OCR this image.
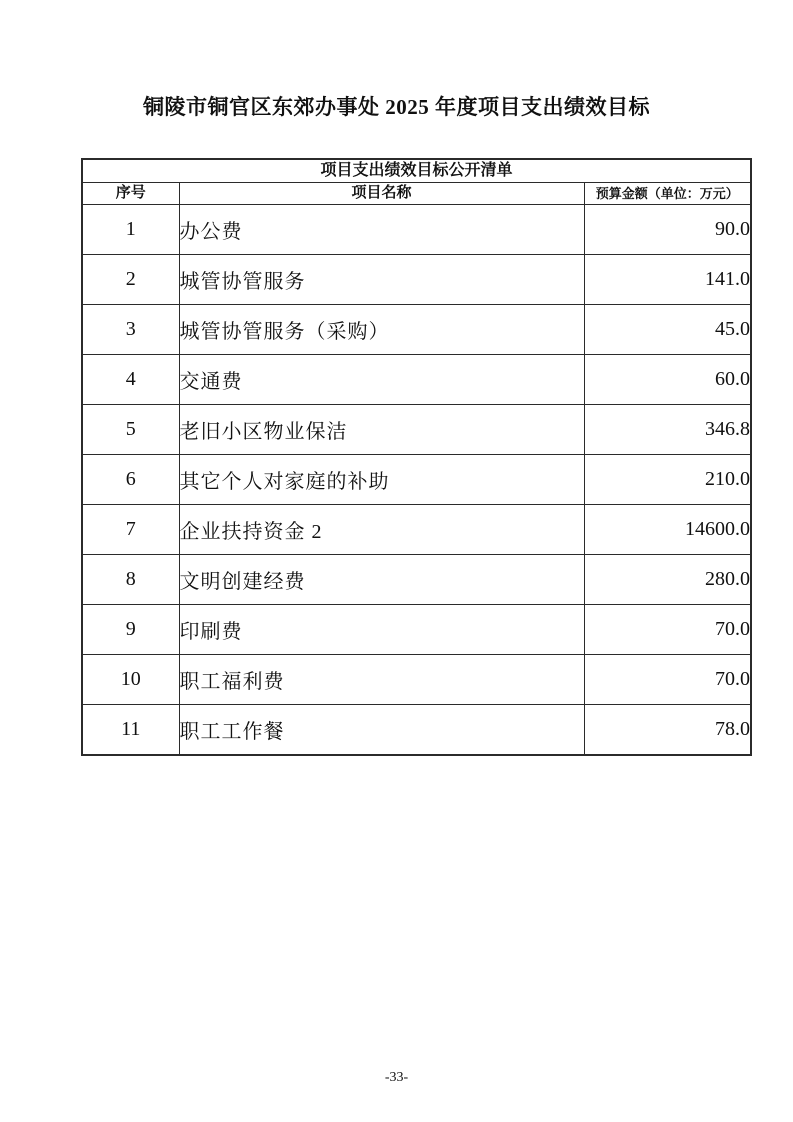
铜陵市铜官区东郊办事处 2025 年度项目支出绩效目标
项目支出绩效目标公开清单		
序号	项目名称	预算金额（单位：万元）
1	办公费	90.0
2	城管协管服务	141.0
3	城管协管服务（采购）	45.0
4	交通费	60.0
5	老旧小区物业保洁	346.8
6	其它个人对家庭的补助	210.0
7	企业扶持资金 2	14600.0
8	文明创建经费	280.0
9	印刷费	70.0
10	职工福利费	70.0
11	职工工作餐	78.0
-33-
